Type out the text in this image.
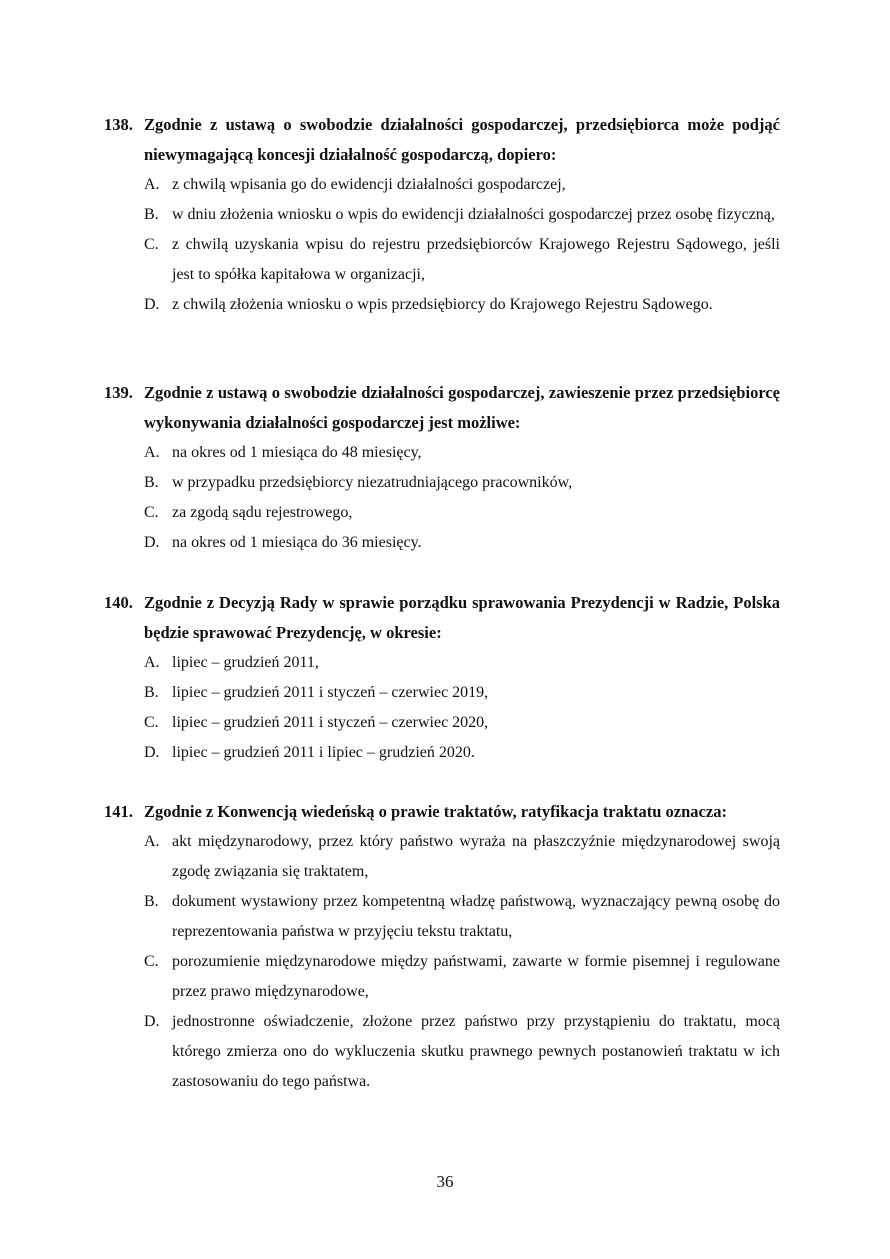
138. Zgodnie z ustawą o swobodzie działalności gospodarczej, przedsiębiorca może podjąć niewymagającą koncesji działalność gospodarczą, dopiero:
A. z chwilą wpisania go do ewidencji działalności gospodarczej,
B. w dniu złożenia wniosku o wpis do ewidencji działalności gospodarczej przez osobę fizyczną,
C. z chwilą uzyskania wpisu do rejestru przedsiębiorców Krajowego Rejestru Sądowego, jeśli jest to spółka kapitałowa w organizacji,
D. z chwilą złożenia wniosku o wpis przedsiębiorcy do Krajowego Rejestru Sądowego.
139. Zgodnie z ustawą o swobodzie działalności gospodarczej, zawieszenie przez przedsiębiorcę wykonywania działalności gospodarczej jest możliwe:
A. na okres od 1 miesiąca do 48 miesięcy,
B. w przypadku przedsiębiorcy niezatrudniającego pracowników,
C. za zgodą sądu rejestrowego,
D. na okres od 1 miesiąca do 36 miesięcy.
140. Zgodnie z Decyzją Rady w sprawie porządku sprawowania Prezydencji w Radzie, Polska będzie sprawować Prezydencję, w okresie:
A. lipiec – grudzień 2011,
B. lipiec – grudzień 2011 i styczeń – czerwiec 2019,
C. lipiec – grudzień 2011 i styczeń – czerwiec 2020,
D. lipiec – grudzień 2011 i lipiec – grudzień 2020.
141. Zgodnie z Konwencją wiedeńską o prawie traktatów, ratyfikacja traktatu oznacza:
A. akt międzynarodowy, przez który państwo wyraża na płaszczyźnie międzynarodowej swoją zgodę związania się traktatem,
B. dokument wystawiony przez kompetentną władzę państwową, wyznaczający pewną osobę do reprezentowania państwa w przyjęciu tekstu traktatu,
C. porozumienie międzynarodowe między państwami, zawarte w formie pisemnej i regulowane przez prawo międzynarodowe,
D. jednostronne oświadczenie, złożone przez państwo przy przystąpieniu do traktatu, mocą którego zmierza ono do wykluczenia skutku prawnego pewnych postanowień traktatu w ich zastosowaniu do tego państwa.
36
